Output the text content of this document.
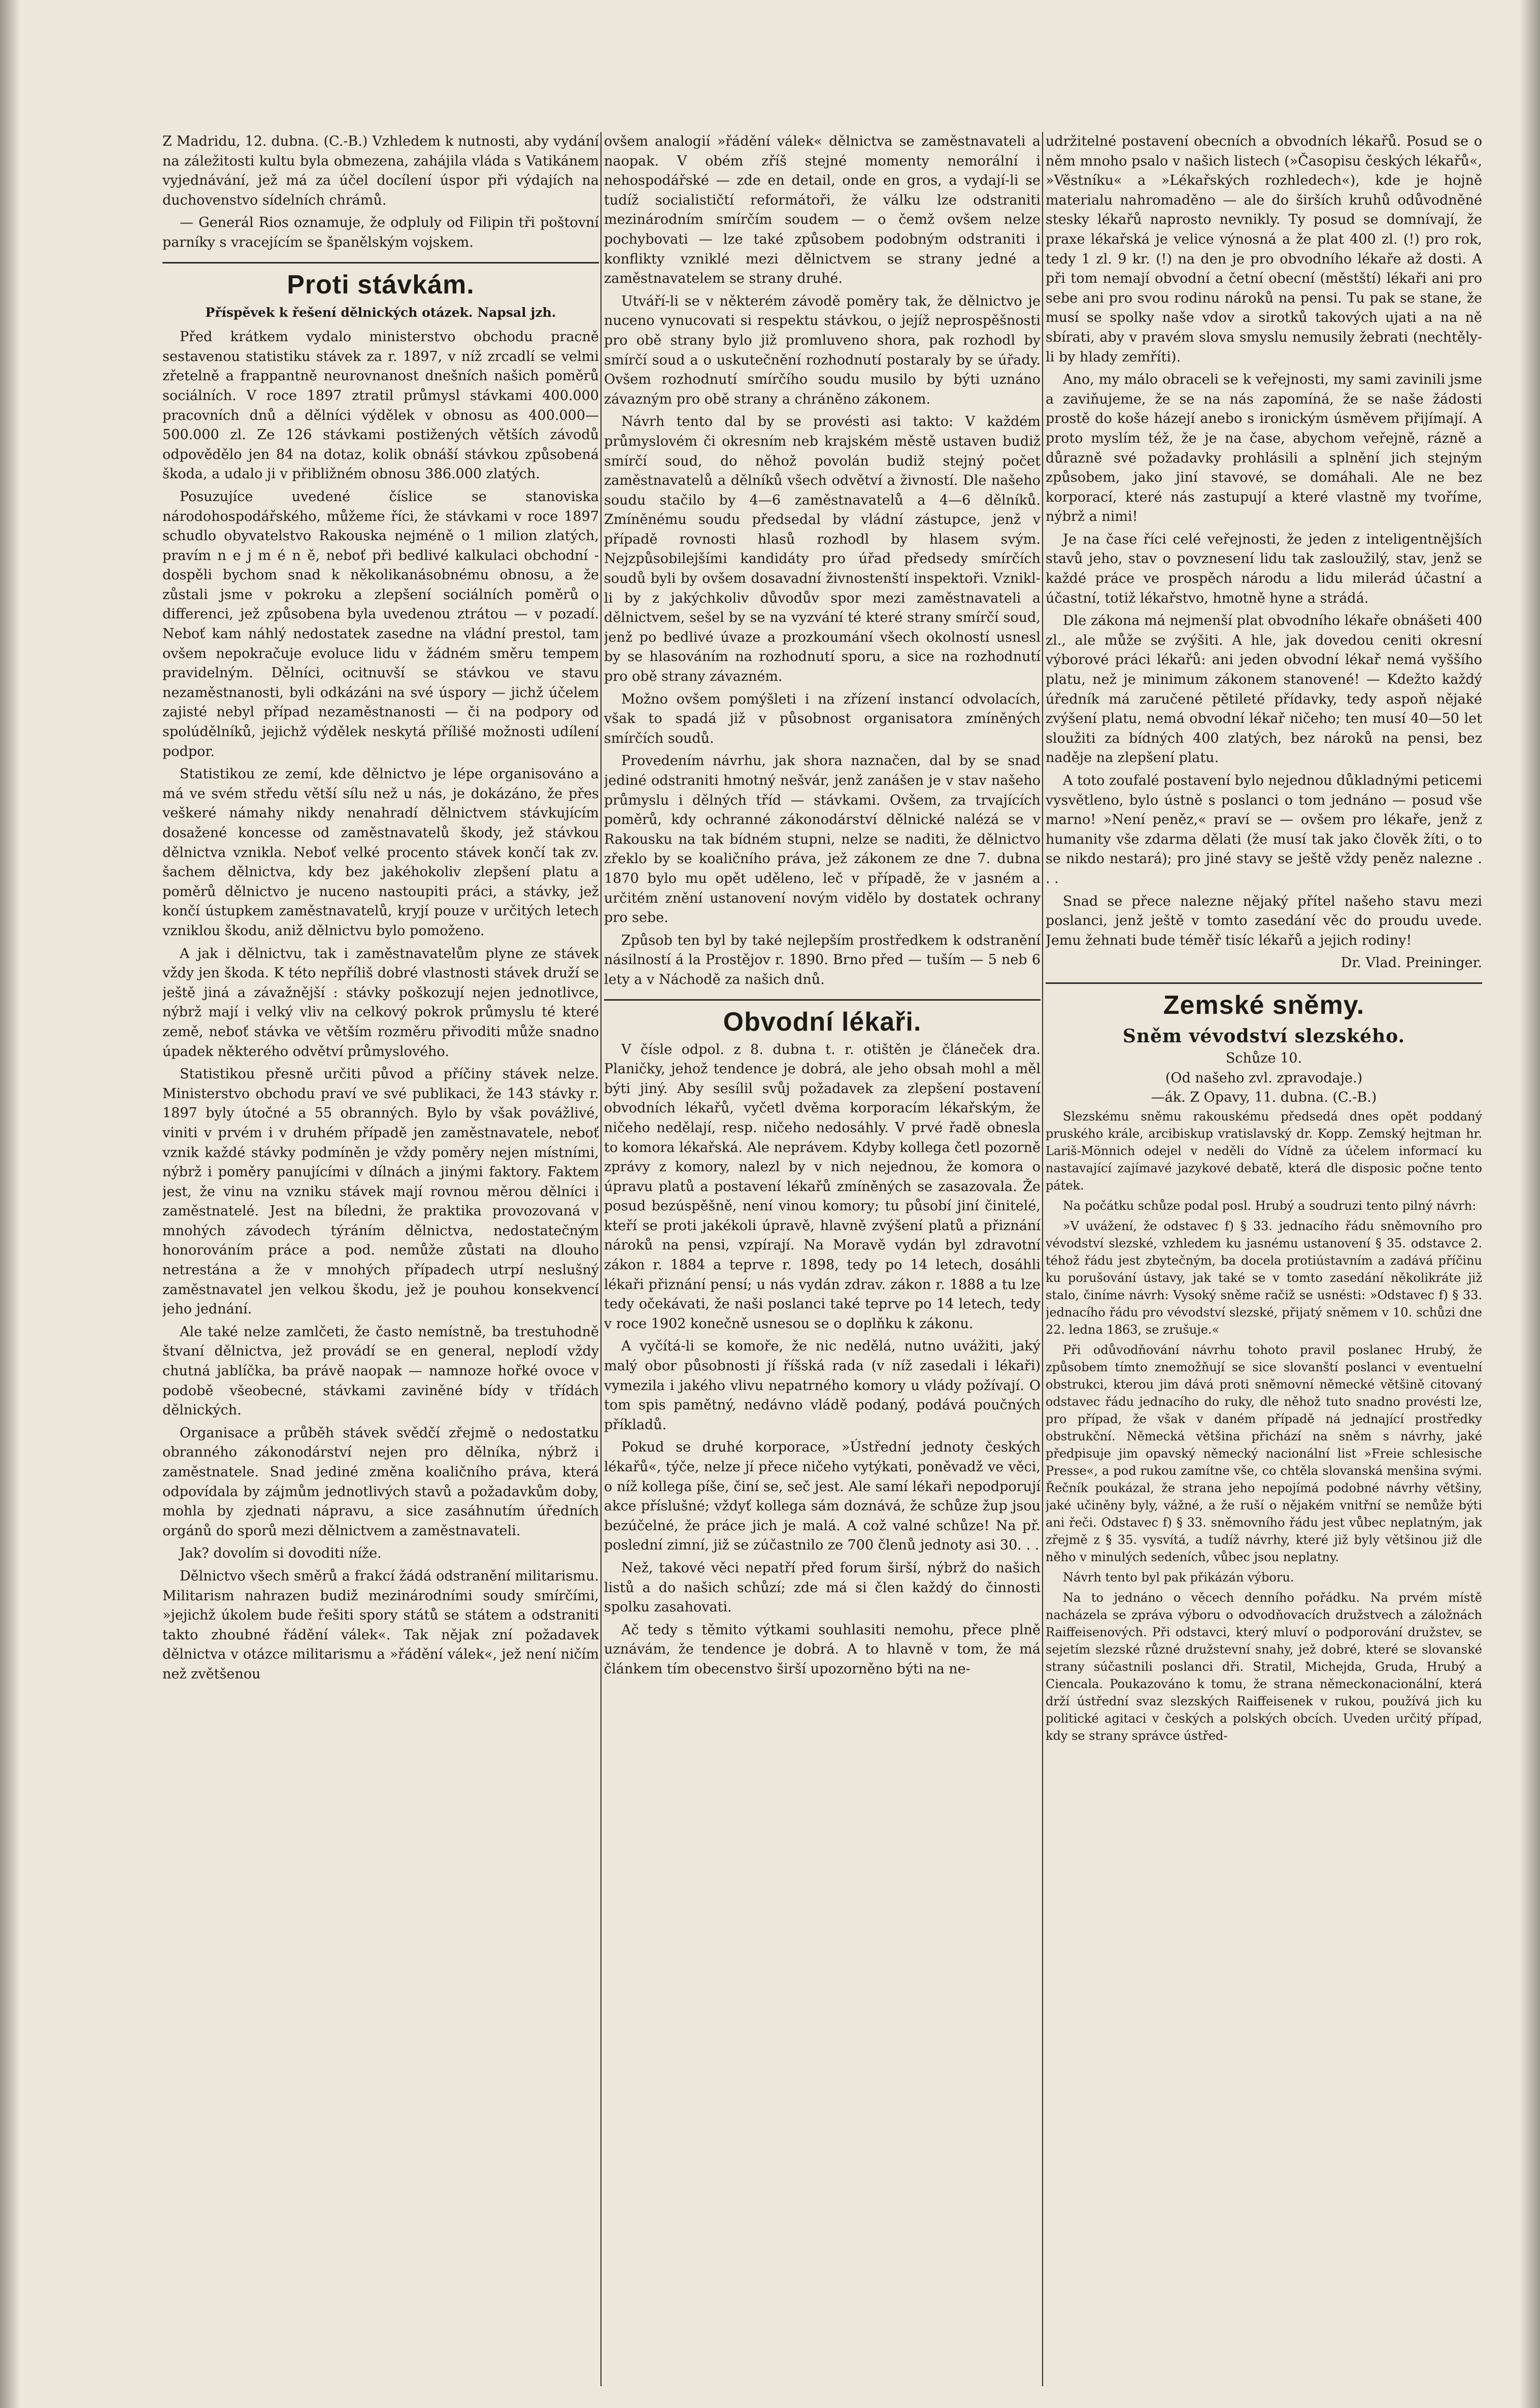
Z Madridu, 12. dubna. (C.-B.) Vzhledem k nutnosti, aby vydání na záležitosti kultu byla obmezena, zahájila vláda s Vatikánem vyjednávání, jež má za účel docílení úspor při výdajích na duchovenstvo sídelních chrámů.

— Generál Rios oznamuje, že odpluly od Filipin tři poštovní parníky s vracejícím se španělským vojskem.

Proti stávkám.

Příspěvek k řešení dělnických otázek. Napsal jzh.

Před krátkem vydalo ministerstvo obchodu pracně sestavenou statistiku stávek za r. 1897, v níž zrcadlí se velmi zřetelně a frappantně neurovnanost dnešních našich poměrů sociálních. V roce 1897 ztratil průmysl stávkami 400.000 pracovních dnů a dělníci výdělek v obnosu as 400.000—500.000 zl. Ze 126 stávkami postižených větších závodů odpovědělo jen 84 na dotaz, kolik obnáší stávkou způsobená škoda, a udalo ji v přibližném obnosu 386.000 zlatých.

Posuzujíce uvedené číslice se stanoviska národohospodářského, můžeme říci, že stávkami v roce 1897 schudlo obyvatelstvo Rakouska nejméně o 1 milion zlatých, pravím n e j m é n ě, neboť při bedlivé kalkulaci obchodní -dospěli bychom snad k několikanásobnému obnosu, a že zůstali jsme v pokroku a zlepšení sociálních poměrů o differenci, jež způsobena byla uvedenou ztrátou — v pozadí. Neboť kam náhlý nedostatek zasedne na vládní prestol, tam ovšem nepokračuje evoluce lidu v žádném směru tempem pravidelným. Dělníci, ocitnuvší se stávkou ve stavu nezaměstnanosti, byli odkázáni na své úspory — jichž účelem zajisté nebyl případ nezaměstnanosti — či na podpory od spolúdělníků, jejichž výdělek neskytá přílišé možnosti udílení podpor.

Statistikou ze zemí, kde dělnictvo je lépe organisováno a má ve svém středu větší sílu než u nás, je dokázáno, že přes veškeré námahy nikdy nenahradí dělnictvem stávkujícím dosažené koncesse od zaměstnavatelů škody, jež stávkou dělnictva vznikla. Neboť velké procento stávek končí tak zv. šachem dělnictva, kdy bez jakéhokoliv zlepšení platu a poměrů dělnictvo je nuceno nastoupiti práci, a stávky, jež končí ústupkem zaměstnavatelů, kryjí pouze v určitých letech vzniklou škodu, aniž dělnictvu bylo pomoženo.

A jak i dělnictvu, tak i zaměstnavatelům plyne ze stávek vždy jen škoda. K této nepříliš dobré vlastnosti stávek druží se ještě jiná a závažnější : stávky poškozují nejen jednotlivce, nýbrž mají i velký vliv na celkový pokrok průmyslu té které země, neboť stávka ve větším rozměru přivoditi může snadno úpadek některého odvětví průmyslového.

Statistikou přesně určiti původ a příčiny stávek nelze. Ministerstvo obchodu praví ve své publikaci, že 143 stávky r. 1897 byly útočné a 55 obranných. Bylo by však povážlivé, viniti v prvém i v druhém případě jen zaměstnavatele, neboť vznik každé stávky podmíněn je vždy poměry nejen místními, nýbrž i poměry panujícími v dílnách a jinými faktory. Faktem jest, že vinu na vzniku stávek mají rovnou měrou dělníci i zaměstnatelé. Jest na bíledni, že praktika provozovaná v mnohých závodech týráním dělnictva, nedostatečným honorováním práce a pod. nemůže zůstati na dlouho netrestána a že v mnohých případech utrpí neslušný zaměstnavatel jen velkou škodu, jež je pouhou konsekvencí jeho jednání.

Ale také nelze zamlčeti, že často nemístně, ba trestuhodně štvaní dělnictva, jež provádí se en general, neplodí vždy chutná jablíčka, ba právě naopak — namnoze hořké ovoce v podobě všeobecné, stávkami zaviněné bídy v třídách dělnických.

Organisace a průběh stávek svědčí zřejmě o nedostatku obranného zákonodárství nejen pro dělníka, nýbrž i zaměstnatele. Snad jediné změna koaličního práva, která odpovídala by zájmům jednotlivých stavů a požadavkům doby, mohla by zjednati nápravu, a sice zasáhnutím úředních orgánů do sporů mezi dělnictvem a zaměstnavateli.

Jak? dovolím si dovoditi níže.

Dělnictvo všech směrů a frakcí žádá odstranění militarismu. Militarism nahrazen budiž mezinárodními soudy smírčími, »jejichž úkolem bude řešiti spory států se státem a odstraniti takto zhoubné řádění válek«. Tak nějak zní požadavek dělnictva v otázce militarismu a »řádění válek«, jež není ničím než zvětšenou

ovšem analogií »řádění válek« dělnictva se zaměstnavateli a naopak. V obém zříš stejné momenty nemorální i nehospodářské — zde en detail, onde en gros, a vydají-li se tudíž socialističtí reformátoři, že válku lze odstraniti mezinárodním smírčím soudem — o čemž ovšem nelze pochybovati — lze také způsobem podobným odstraniti i konflikty vzniklé mezi dělnictvem se strany jedné a zaměstnavatelem se strany druhé.

Utváří-li se v některém závodě poměry tak, že dělnictvo je nuceno vynucovati si respektu stávkou, o jejíž neprospěšnosti pro obě strany bylo již promluveno shora, pak rozhodl by smírčí soud a o uskutečnění rozhodnutí postaraly by se úřady. Ovšem rozhodnutí smírčího soudu musilo by býti uznáno závazným pro obě strany a chráněno zákonem.

Návrh tento dal by se provésti asi takto: V každém průmyslovém či okresním neb krajském městě ustaven budiž smírčí soud, do něhož povolán budiž stejný počet zaměstnavatelů a dělníků všech odvětví a živností. Dle našeho soudu stačilo by 4—6 zaměstnavatelů a 4—6 dělníků. Zmíněnému soudu předsedal by vládní zástupce, jenž v případě rovnosti hlasů rozhodl by hlasem svým. Nejzpůsobilejšími kandidáty pro úřad předsedy smírčích soudů byli by ovšem dosavadní živnostenští inspektoři. Vznikl-li by z jakýchkoliv důvodův spor mezi zaměstnavateli a dělnictvem, sešel by se na vyzvání té které strany smírčí soud, jenž po bedlivé úvaze a prozkoumání všech okolností usnesl by se hlasováním na rozhodnutí sporu, a sice na rozhodnutí pro obě strany závazném.

Možno ovšem pomýšleti i na zřízení instancí odvolacích, však to spadá již v působnost organisatora zmíněných smírčích soudů.

Provedením návrhu, jak shora naznačen, dal by se snad jediné odstraniti hmotný nešvár, jenž zanášen je v stav našeho průmyslu i dělných tříd — stávkami. Ovšem, za trvajících poměrů, kdy ochranné zákonodárství dělnické nalézá se v Rakousku na tak bídném stupni, nelze se naditi, že dělnictvo zřeklo by se koaličního práva, jež zákonem ze dne 7. dubna 1870 bylo mu opět uděleno, leč v případě, že v jasném a určitém znění ustanovení novým vidělo by dostatek ochrany pro sebe.

Způsob ten byl by také nejlepším prostředkem k odstranění násilností á la Prostějov r. 1890. Brno před — tuším — 5 neb 6 lety a v Náchodě za našich dnů.

Obvodní lékaři.

V čísle odpol. z 8. dubna t. r. otištěn je článeček dra. Planičky, jehož tendence je dobrá, ale jeho obsah mohl a měl býti jiný. Aby sesílil svůj požadavek za zlepšení postavení obvodních lékařů, vyčetl dvěma korporacím lékařským, že ničeho nedělají, resp. ničeho nedosáhly. V prvé řadě obnesla to komora lékařská. Ale neprávem. Kdyby kollega četl pozorně zprávy z komory, nalezl by v nich nejednou, že komora o úpravu platů a postavení lékařů zmíněných se zasazovala. Že posud bezúspěšně, není vinou komory; tu působí jiní činitelé, kteří se proti jakékoli úpravě, hlavně zvýšení platů a přiznání nároků na pensi, vzpírají. Na Moravě vydán byl zdravotní zákon r. 1884 a teprve r. 1898, tedy po 14 letech, dosáhli lékaři přiznání pensí; u nás vydán zdrav. zákon r. 1888 a tu lze tedy očekávati, že naši poslanci také teprve po 14 letech, tedy v roce 1902 konečně usnesou se o doplňku k zákonu.

A vyčítá-li se komoře, že nic nedělá, nutno uvážiti, jaký malý obor působnosti jí říšská rada (v níž zasedali i lékaři) vymezila i jakého vlivu nepatrného komory u vlády požívají. O tom spis pamětný, nedávno vládě podaný, podává poučných příkladů.

Pokud se druhé korporace, »Ústřední jednoty českých lékařů«, týče, nelze jí přece ničeho vytýkati, poněvadž ve věci, o níž kollega píše, činí se, seč jest. Ale samí lékaři nepodporují akce příslušné; vždyť kollega sám doznává, že schůze žup jsou bezúčelné, že práce jich je malá. A což valné schůze! Na př. poslední zimní, již se zúčastnilo ze 700 členů jednoty asi 30. . .

Než, takové věci nepatří před forum širší, nýbrž do našich listů a do našich schůzí; zde má si člen každý do činnosti spolku zasahovati.

Ač tedy s těmito výtkami souhlasiti nemohu, přece plně uznávám, že tendence je dobrá. A to hlavně v tom, že má článkem tím obecenstvo širší upozorněno býti na ne-

udržitelné postavení obecních a obvodních lékařů. Posud se o něm mnoho psalo v našich listech (»Časopisu českých lékařů«, »Věstníku« a »Lékařských rozhledech«), kde je hojně materialu nahromaděno — ale do širších kruhů odůvodněné stesky lékařů naprosto nevnikly. Ty posud se domnívají, že praxe lékařská je velice výnosná a že plat 400 zl. (!) pro rok, tedy 1 zl. 9 kr. (!) na den je pro obvodního lékaře až dosti. A při tom nemají obvodní a četní obecní (městští) lékaři ani pro sebe ani pro svou rodinu nároků na pensi. Tu pak se stane, že musí se spolky naše vdov a sirotků takových ujati a na ně sbírati, aby v pravém slova smyslu nemusily žebrati (nechtěly-li by hlady zemříti).

Ano, my málo obraceli se k veřejnosti, my sami zavinili jsme a zaviňujeme, že se na nás zapomíná, že se naše žádosti prostě do koše házejí anebo s ironickým úsměvem přijímají. A proto myslím též, že je na čase, abychom veřejně, rázně a důrazně své požadavky prohlásili a splnění jich stejným způsobem, jako jiní stavové, se domáhali. Ale ne bez korporací, které nás zastupují a které vlastně my tvoříme, nýbrž a nimi!

Je na čase říci celé veřejnosti, že jeden z inteligentnějších stavů jeho, stav o povznesení lidu tak zasloužilý, stav, jenž se každé práce ve prospěch národu a lidu milerád účastní a účastní, totiž lékařstvo, hmotně hyne a strádá.

Dle zákona má nejmenší plat obvodního lékaře obnášeti 400 zl., ale může se zvýšiti. A hle, jak dovedou ceniti okresní výborové práci lékařů: ani jeden obvodní lékař nemá vyššího platu, než je minimum zákonem stanovené! — Kdežto každý úředník má zaručené pětileté přídavky, tedy aspoň nějaké zvýšení platu, nemá obvodní lékař ničeho; ten musí 40—50 let sloužiti za bídných 400 zlatých, bez nároků na pensi, bez naděje na zlepšení platu.

A toto zoufalé postavení bylo nejednou důkladnými peticemi vysvětleno, bylo ústně s poslanci o tom jednáno — posud vše marno! »Není peněz,« praví se — ovšem pro lékaře, jenž z humanity vše zdarma dělati (že musí tak jako člověk žíti, o to se nikdo nestará); pro jiné stavy se ještě vždy peněz nalezne . . .

Snad se přece nalezne nějaký přítel našeho stavu mezi poslanci, jenž ještě v tomto zasedání věc do proudu uvede. Jemu žehnati bude téměř tisíc lékařů a jejich rodiny!

Dr. Vlad. Preininger.

Zemské sněmy.
Sněm vévodství slezského.

Schůze 10.

(Od našeho zvl. zpravodaje.)

—ák. Z Opavy, 11. dubna. (C.-B.)

Slezskému sněmu rakouskému předsedá dnes opět poddaný pruského krále, arcibiskup vratislavský dr. Kopp. Zemský hejtman hr. Lariš-Mönnich odejel v neděli do Vídně za účelem informací ku nastavající zajímavé jazykové debatě, která dle disposic počne tento pátek.

Na počátku schůze podal posl. Hrubý a soudruzi tento pilný návrh:

»V uvážení, že odstavec f) § 33. jednacího řádu sněmovního pro vévodství slezské, vzhledem ku jasnému ustanovení § 35. odstavce 2. téhož řádu jest zbytečným, ba docela protiústavním a zadává příčinu ku porušování ústavy, jak také se v tomto zasedání několikráte již stalo, činíme návrh: Vysoký sněme račiž se usnésti: »Odstavec f) § 33. jednacího řádu pro vévodství slezské, přijatý sněmem v 10. schůzi dne 22. ledna 1863, se zrušuje.«

Při odůvodňování návrhu tohoto pravil poslanec Hrubý, že způsobem tímto znemožňují se sice slovanští poslanci v eventuelní obstrukci, kterou jim dává proti sněmovní německé většině citovaný odstavec řádu jednacího do ruky, dle něhož tuto snadno provésti lze, pro případ, že však v daném případě ná jednající prostředky obstrukční. Německá většina přichází na sněm s návrhy, jaké předpisuje jim opavský německý nacionální list »Freie schlesische Presse«, a pod rukou zamítne vše, co chtěla slovanská menšina svými. Řečník poukázal, že strana jeho nepojímá podobné návrhy většiny, jaké učiněny byly, vážné, a že ruší o nějakém vnitřní se nemůže býti ani řeči. Odstavec f) § 33. sněmovního řádu jest vůbec neplatným, jak zřejmě z § 35. vysvítá, a tudíž návrhy, které již byly většinou již dle něho v minulých sedeních, vůbec jsou neplatny.

Návrh tento byl pak přikázán výboru.

Na to jednáno o věcech denního pořádku. Na prvém místě nacházela se zpráva výboru o odvodňovacích družstvech a záložnách Raiffeisenových. Při odstavci, který mluví o podporování družstev, se sejetím slezské různé družstevní snahy, jež dobré, které se slovanské strany súčastnili poslanci dři. Stratil, Michejda, Gruda, Hrubý a Ciencala. Poukazováno k tomu, že strana německonacionální, která drží ústřední svaz slezských Raiffeisenek v rukou, používá jich ku politické agitaci v českých a polských obcích. Uveden určitý případ, kdy se strany správce ústřed-
